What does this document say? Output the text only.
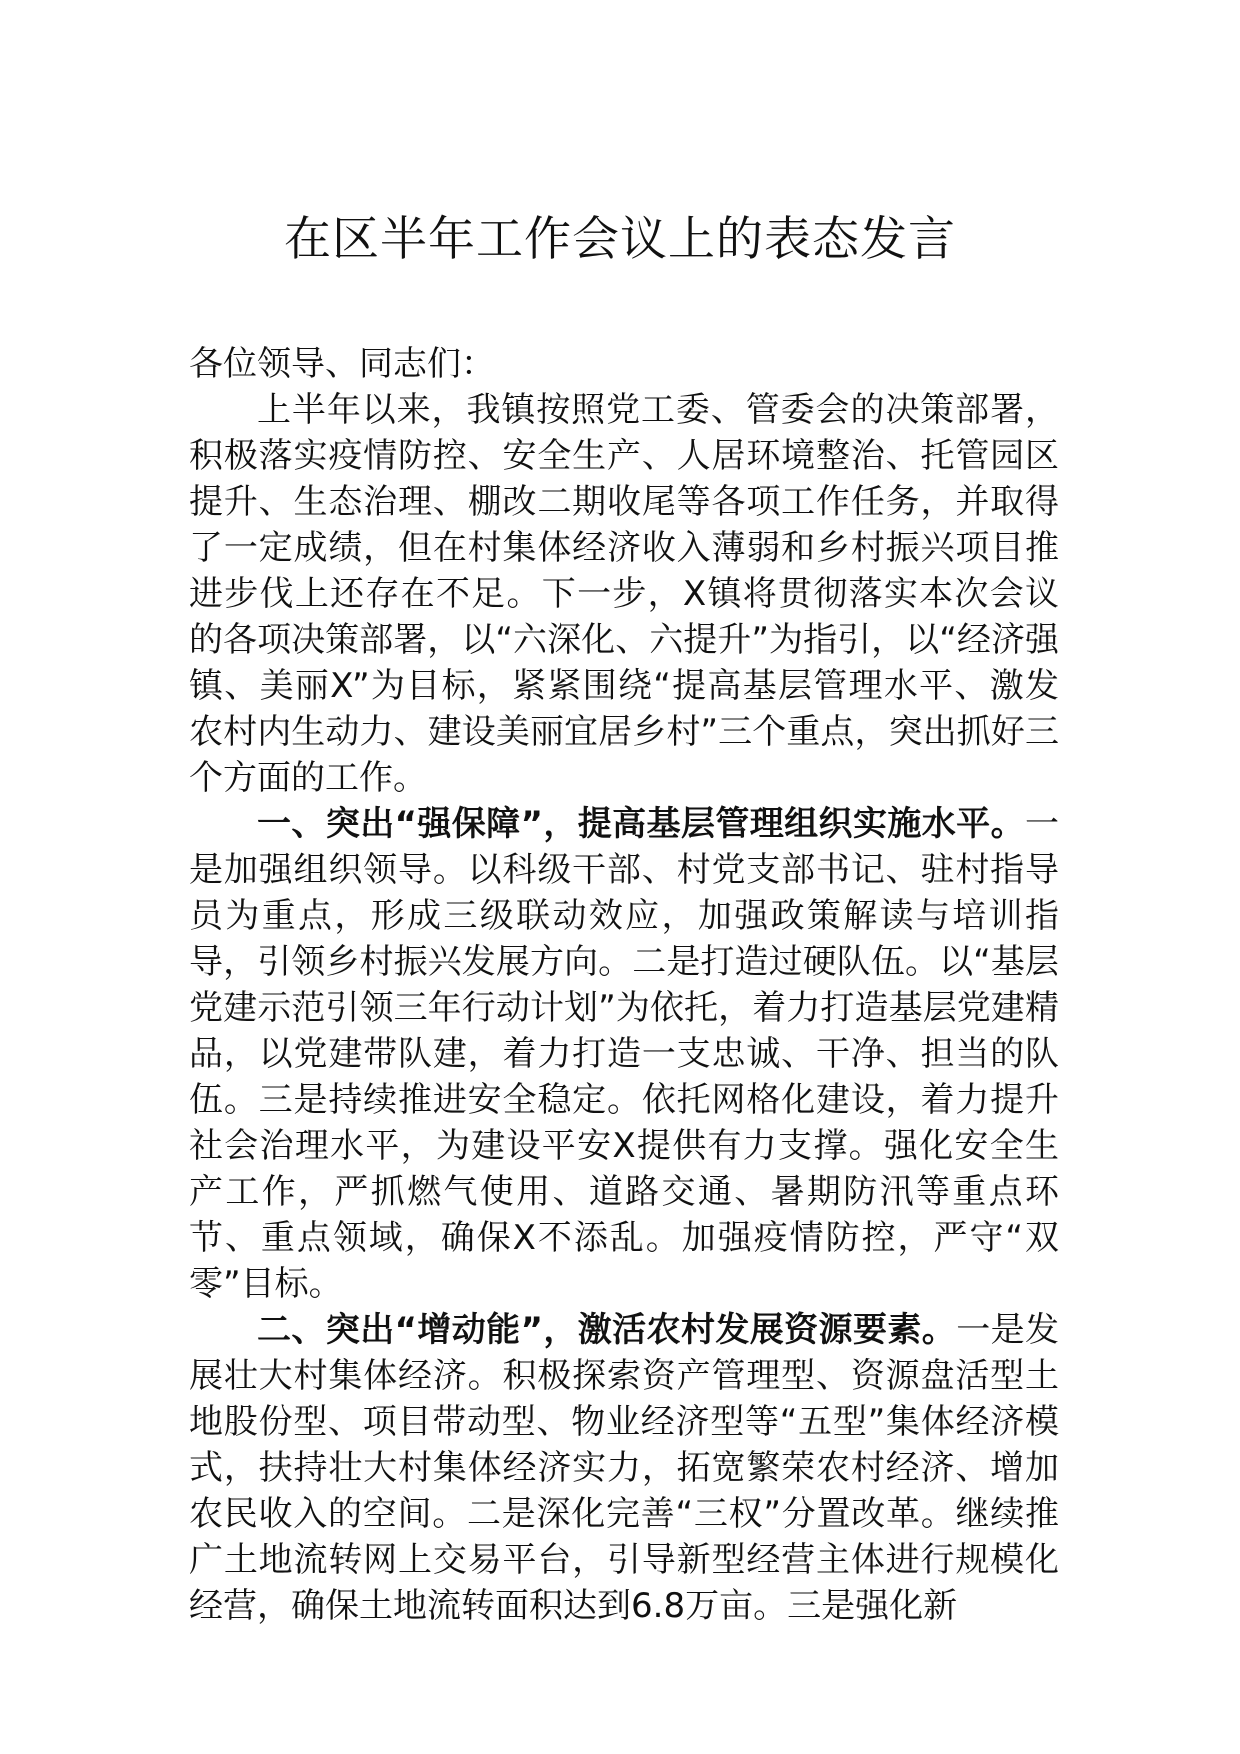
在区半年工作会议上的表态发言

各位领导、同志们：

上半年以来，我镇按照党工委、管委会的决策部署，积极落实疫情防控、安全生产、人居环境整治、托管园区提升、生态治理、棚改二期收尾等各项工作任务，并取得了一定成绩，但在村集体经济收入薄弱和乡村振兴项目推进步伐上还存在不足。下一步，X镇将贯彻落实本次会议的各项决策部署，以“六深化、六提升”为指引，以“经济强镇、美丽X”为目标，紧紧围绕“提高基层管理水平、激发农村内生动力、建设美丽宜居乡村”三个重点，突出抓好三个方面的工作。

一、突出“强保障”，提高基层管理组织实施水平。一是加强组织领导。以科级干部、村党支部书记、驻村指导员为重点，形成三级联动效应，加强政策解读与培训指导，引领乡村振兴发展方向。二是打造过硬队伍。以“基层党建示范引领三年行动计划”为依托，着力打造基层党建精品，以党建带队建，着力打造一支忠诚、干净、担当的队伍。三是持续推进安全稳定。依托网格化建设，着力提升社会治理水平，为建设平安X提供有力支撑。强化安全生产工作，严抓燃气使用、道路交通、暑期防汛等重点环节、重点领域，确保X不添乱。加强疫情防控，严守“双零”目标。

二、突出“增动能”，激活农村发展资源要素。一是发展壮大村集体经济。积极探索资产管理型、资源盘活型土地股份型、项目带动型、物业经济型等“五型”集体经济模式，扶持壮大村集体经济实力，拓宽繁荣农村经济、增加农民收入的空间。二是深化完善“三权”分置改革。继续推广土地流转网上交易平台，引导新型经营主体进行规模化经营，确保土地流转面积达到6.8万亩。三是强化新
